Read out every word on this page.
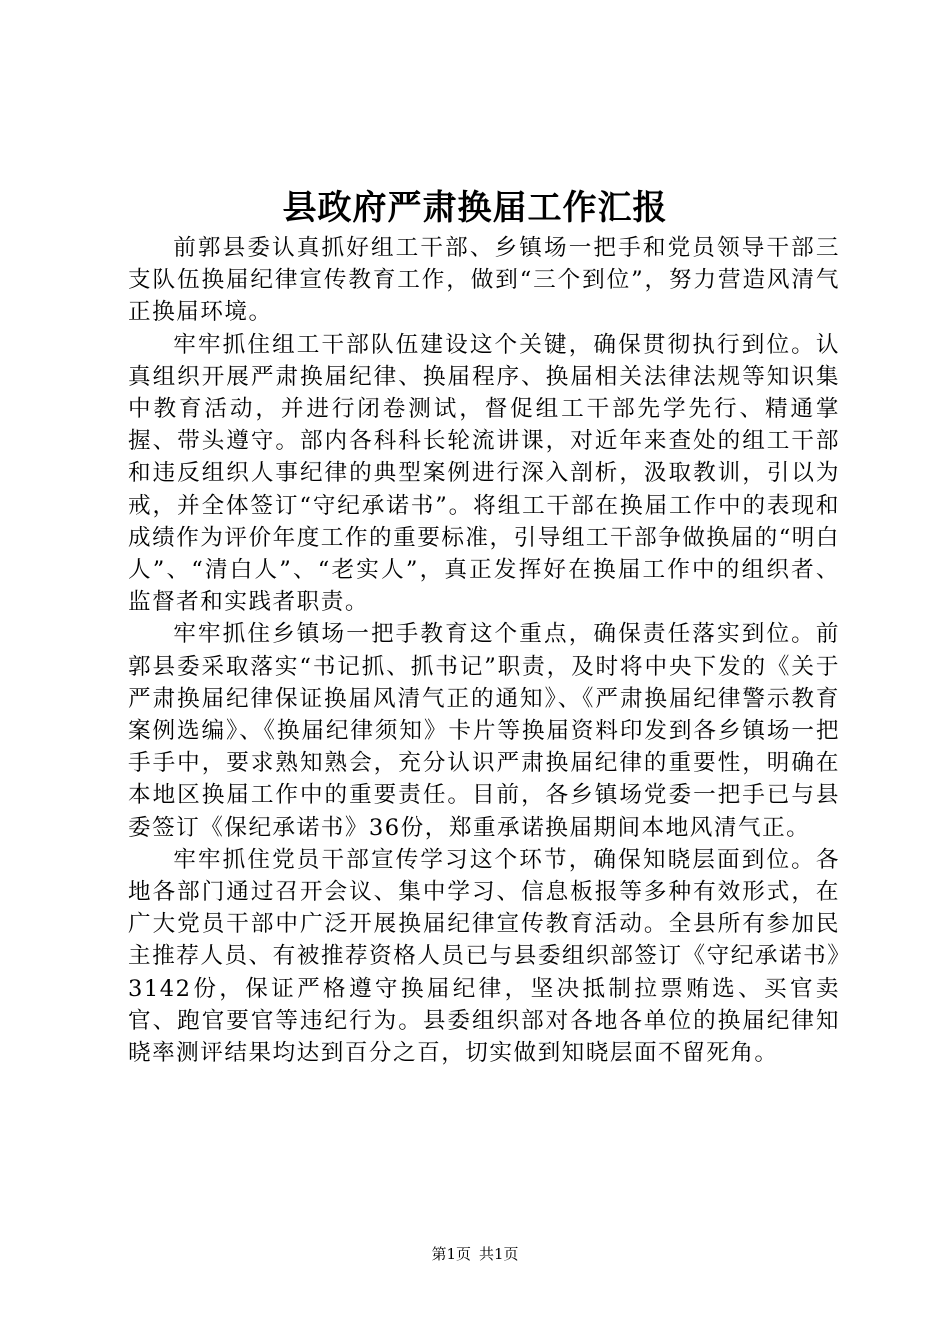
县政府严肃换届工作汇报

前郭县委认真抓好组工干部、乡镇场一把手和党员领导干部三支队伍换届纪律宣传教育工作，做到“三个到位”，努力营造风清气正换届环境。

牢牢抓住组工干部队伍建设这个关键，确保贯彻执行到位。认真组织开展严肃换届纪律、换届程序、换届相关法律法规等知识集中教育活动，并进行闭卷测试，督促组工干部先学先行、精通掌握、带头遵守。部内各科科长轮流讲课，对近年来查处的组工干部和违反组织人事纪律的典型案例进行深入剖析，汲取教训，引以为戒，并全体签订“守纪承诺书”。将组工干部在换届工作中的表现和成绩作为评价年度工作的重要标准，引导组工干部争做换届的“明白人”、“清白人”、“老实人”，真正发挥好在换届工作中的组织者、监督者和实践者职责。

牢牢抓住乡镇场一把手教育这个重点，确保责任落实到位。前郭县委采取落实“书记抓、抓书记”职责，及时将中央下发的《关于严肃换届纪律保证换届风清气正的通知》、《严肃换届纪律警示教育案例选编》、《换届纪律须知》卡片等换届资料印发到各乡镇场一把手手中，要求熟知熟会，充分认识严肃换届纪律的重要性，明确在本地区换届工作中的重要责任。目前，各乡镇场党委一把手已与县委签订《保纪承诺书》36份，郑重承诺换届期间本地风清气正。

牢牢抓住党员干部宣传学习这个环节，确保知晓层面到位。各地各部门通过召开会议、集中学习、信息板报等多种有效形式，在广大党员干部中广泛开展换届纪律宣传教育活动。全县所有参加民主推荐人员、有被推荐资格人员已与县委组织部签订《守纪承诺书》3142份，保证严格遵守换届纪律，坚决抵制拉票贿选、买官卖官、跑官要官等违纪行为。县委组织部对各地各单位的换届纪律知晓率测评结果均达到百分之百，切实做到知晓层面不留死角。

第1页 共1页
